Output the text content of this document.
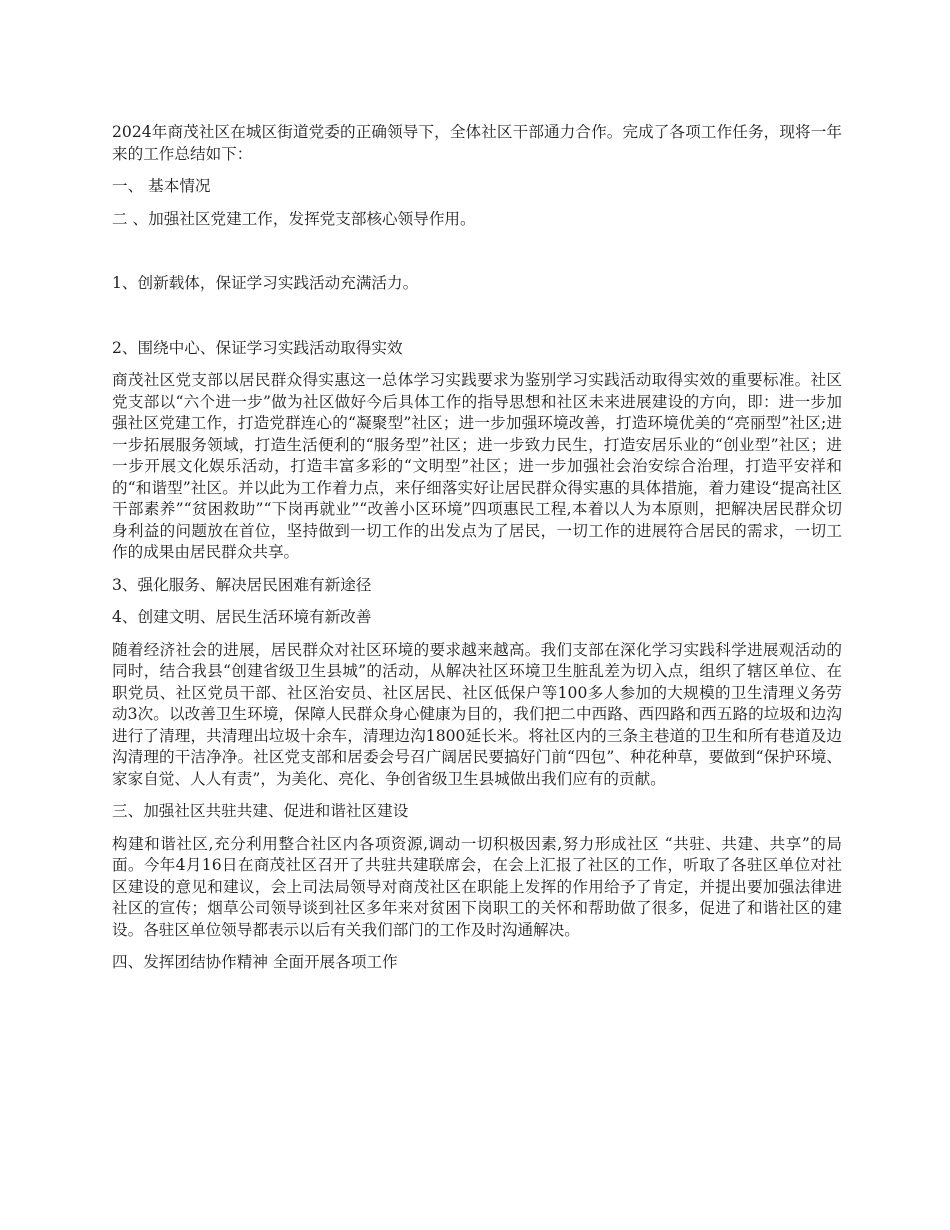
2024年商茂社区在城区街道党委的正确领导下，全体社区干部通力合作。完成了各项工作任务，现将一年来的工作总结如下：

一、 基本情况

二 、加强社区党建工作，发挥党支部核心领导作用。

1、创新载体，保证学习实践活动充满活力。

2、围绕中心、保证学习实践活动取得实效

商茂社区党支部以居民群众得实惠这一总体学习实践要求为鉴别学习实践活动取得实效的重要标准。社区党支部以“六个进一步”做为社区做好今后具体工作的指导思想和社区未来进展建设的方向，即：进一步加强社区党建工作，打造党群连心的“凝聚型”社区；进一步加强环境改善，打造环境优美的“亮丽型”社区;进一步拓展服务领域，打造生活便利的“服务型”社区；进一步致力民生，打造安居乐业的“创业型”社区；进一步开展文化娱乐活动，打造丰富多彩的“文明型”社区；进一步加强社会治安综合治理，打造平安祥和的“和谐型”社区。并以此为工作着力点，来仔细落实好让居民群众得实惠的具体措施，着力建设“提高社区干部素养”“贫困救助”“下岗再就业”“改善小区环境”四项惠民工程,本着以人为本原则，把解决居民群众切身利益的问题放在首位，坚持做到一切工作的出发点为了居民，一切工作的进展符合居民的需求，一切工作的成果由居民群众共享。

3、强化服务、解决居民困难有新途径

4、创建文明、居民生活环境有新改善

随着经济社会的进展，居民群众对社区环境的要求越来越高。我们支部在深化学习实践科学进展观活动的同时，结合我县“创建省级卫生县城”的活动，从解决社区环境卫生脏乱差为切入点，组织了辖区单位、在职党员、社区党员干部、社区治安员、社区居民、社区低保户等100多人参加的大规模的卫生清理义务劳动3次。以改善卫生环境，保障人民群众身心健康为目的，我们把二中西路、西四路和西五路的垃圾和边沟进行了清理，共清理出垃圾十余车，清理边沟1800延长米。将社区内的三条主巷道的卫生和所有巷道及边沟清理的干洁净净。社区党支部和居委会号召广阔居民要搞好门前“四包”、种花种草，要做到“保护环境、家家自觉、人人有责”，为美化、亮化、争创省级卫生县城做出我们应有的贡献。

三、加强社区共驻共建、促进和谐社区建设

构建和谐社区,充分利用整合社区内各项资源,调动一切积极因素,努力形成社区 “共驻、共建、共享”的局面。今年4月16日在商茂社区召开了共驻共建联席会，在会上汇报了社区的工作，听取了各驻区单位对社区建设的意见和建议，会上司法局领导对商茂社区在职能上发挥的作用给予了肯定，并提出要加强法律进社区的宣传；烟草公司领导谈到社区多年来对贫困下岗职工的关怀和帮助做了很多，促进了和谐社区的建设。各驻区单位领导都表示以后有关我们部门的工作及时沟通解决。

四、发挥团结协作精神 全面开展各项工作
